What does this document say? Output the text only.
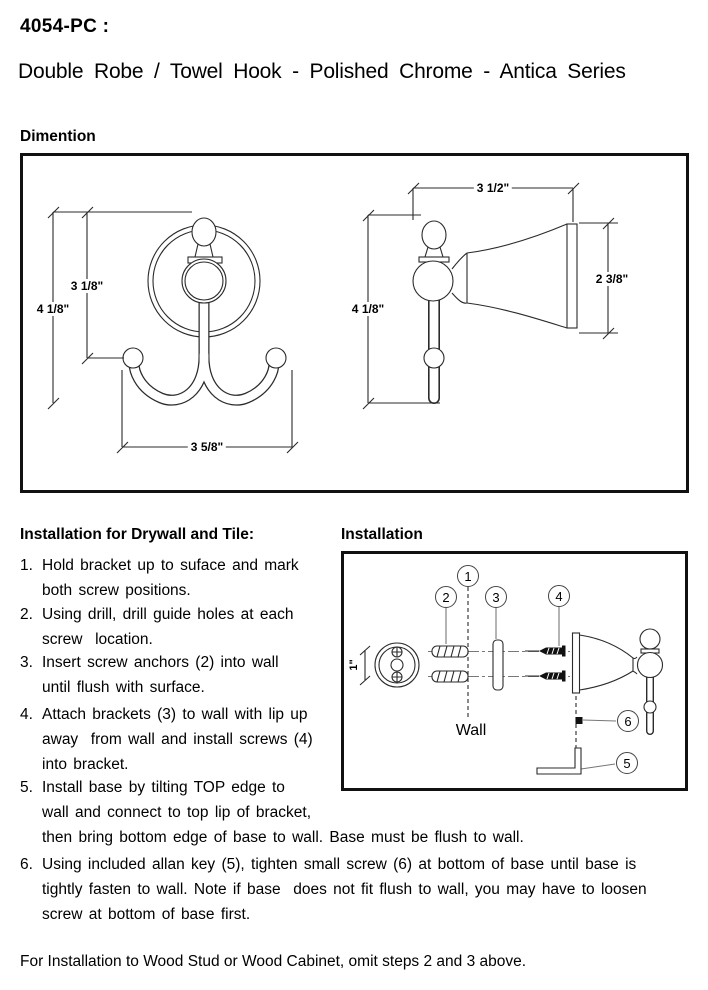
4054-PC :
Double Robe / Towel Hook - Polished Chrome - Antica Series
Dimention
4 1/8"
3 1/8"
3 5/8"
3 1/2"
4 1/8"
2 3/8"
Installation for Drywall and Tile:
1. Hold bracket up to suface and mark
both screw positions.
2. Using drill, drill guide holes at each
screw  location.
3. Insert screw anchors (2) into wall
until flush with surface.
4. Attach brackets (3) to wall with lip up
away  from wall and install screws (4)
into bracket.
5. Install base by tilting TOP edge to
wall and connect to top lip of bracket,
then bring bottom edge of base to wall. Base must be flush to wall.
6. Using included allan key (5), tighten small screw (6) at bottom of base until base is
tightly fasten to wall. Note if base  does not fit flush to wall, you may have to loosen
screw at bottom of base first.
Installation
1
2	3	4
5
6
Wall
1"
For Installation to Wood Stud or Wood Cabinet, omit steps 2 and 3 above.
